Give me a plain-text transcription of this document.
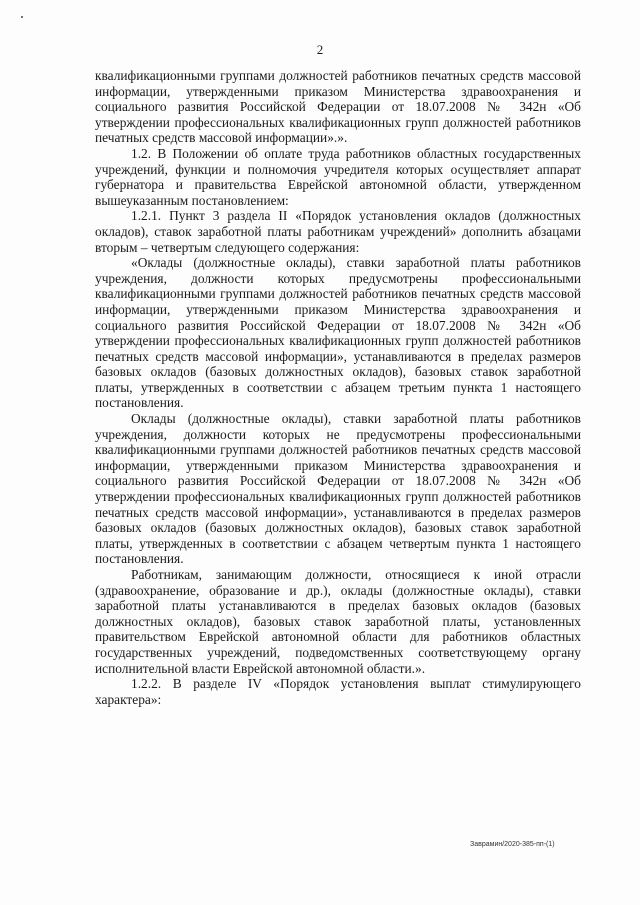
2

квалификационными группами должностей работников печатных средств массовой информации, утвержденными приказом Министерства здравоохранения и социального развития Российской Федерации от 18.07.2008 № 342н «Об утверждении профессиональных квалификационных групп должностей работников печатных средств массовой информации».».

1.2. В Положении об оплате труда работников областных государственных учреждений, функции и полномочия учредителя которых осуществляет аппарат губернатора и правительства Еврейской автономной области, утвержденном вышеуказанным постановлением:

1.2.1. Пункт 3 раздела II «Порядок установления окладов (должностных окладов), ставок заработной платы работникам учреждений» дополнить абзацами вторым – четвертым следующего содержания:

«Оклады (должностные оклады), ставки заработной платы работников учреждения, должности которых предусмотрены профессиональными квалификационными группами должностей работников печатных средств массовой информации, утвержденными приказом Министерства здравоохранения и социального развития Российской Федерации от 18.07.2008 № 342н «Об утверждении профессиональных квалификационных групп должностей работников печатных средств массовой информации», устанавливаются в пределах размеров базовых окладов (базовых должностных окладов), базовых ставок заработной платы, утвержденных в соответствии с абзацем третьим пункта 1 настоящего постановления.

Оклады (должностные оклады), ставки заработной платы работников учреждения, должности которых не предусмотрены профессиональными квалификационными группами должностей работников печатных средств массовой информации, утвержденными приказом Министерства здравоохранения и социального развития Российской Федерации от 18.07.2008 № 342н «Об утверждении профессиональных квалификационных групп должностей работников печатных средств массовой информации», устанавливаются в пределах размеров базовых окладов (базовых должностных окладов), базовых ставок заработной платы, утвержденных в соответствии с абзацем четвертым пункта 1 настоящего постановления.

Работникам, занимающим должности, относящиеся к иной отрасли (здравоохранение, образование и др.), оклады (должностные оклады), ставки заработной платы устанавливаются в пределах базовых окладов (базовых должностных окладов), базовых ставок заработной платы, установленных правительством Еврейской автономной области для работников областных государственных учреждений, подведомственных соответствующему органу исполнительной власти Еврейской автономной области.».

1.2.2. В разделе IV «Порядок установления выплат стимулирующего характера»:

Заврамин/2020-385-пп-(1)
